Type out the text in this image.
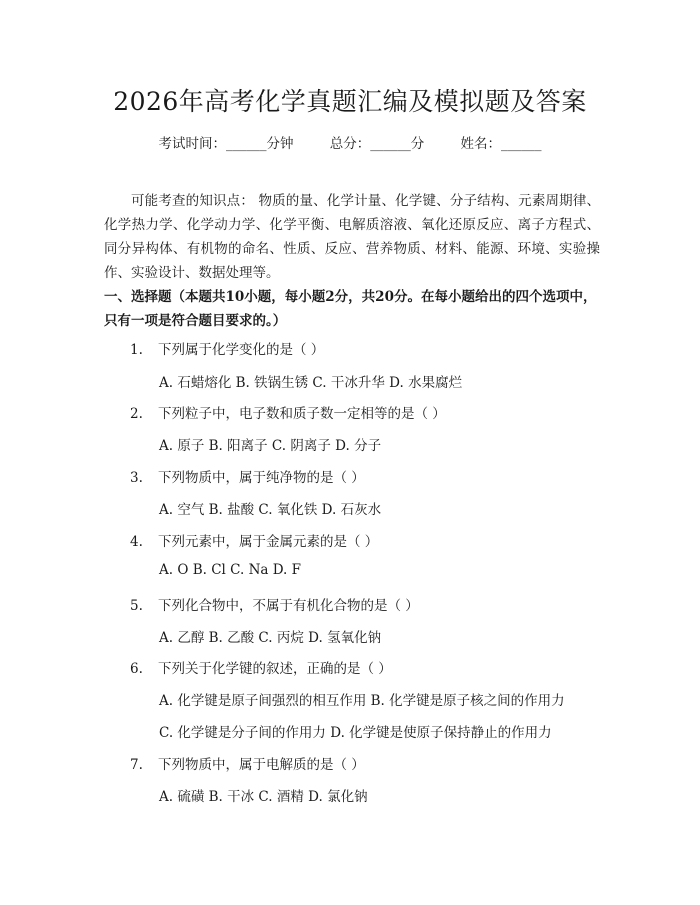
2026年高考化学真题汇编及模拟题及答案
考试时间：______分钟	总分：______分	姓名：______
可能考查的知识点： 物质的量、化学计量、化学键、分子结构、元素周期律、化学热力学、化学动力学、化学平衡、电解质溶液、氧化还原反应、离子方程式、同分异构体、有机物的命名、性质、反应、营养物质、材料、能源、环境、实验操作、实验设计、数据处理等。
一、选择题（本题共10小题，每小题2分，共20分。在每小题给出的四个选项中，只有一项是符合题目要求的。）
1. 下列属于化学变化的是（ ）
A. 石蜡熔化 B. 铁锅生锈 C. 干冰升华 D. 水果腐烂
2. 下列粒子中，电子数和质子数一定相等的是（ ）
A. 原子 B. 阳离子 C. 阴离子 D. 分子
3. 下列物质中，属于纯净物的是（ ）
A. 空气 B. 盐酸 C. 氧化铁 D. 石灰水
4. 下列元素中，属于金属元素的是（ ）
A. O B. Cl C. Na D. F
5. 下列化合物中，不属于有机化合物的是（ ）
A. 乙醇 B. 乙酸 C. 丙烷 D. 氢氧化钠
6. 下列关于化学键的叙述，正确的是（ ）
A. 化学键是原子间强烈的相互作用 B. 化学键是原子核之间的作用力
C. 化学键是分子间的作用力 D. 化学键是使原子保持静止的作用力
7. 下列物质中，属于电解质的是（ ）
A. 硫磺 B. 干冰 C. 酒精 D. 氯化钠
